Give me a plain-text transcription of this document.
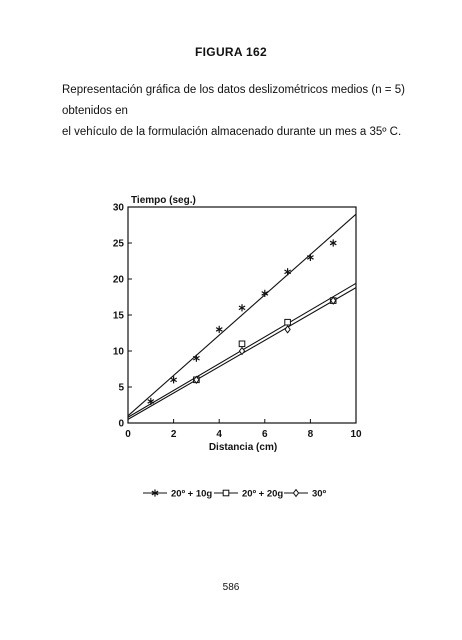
FIGURA 162

Representación gráfica de los datos deslizométricos medios (n = 5) obtenidos en

el vehículo de la formulación almacenado durante un mes a 35º C.

0
5
10
15
20
25
30
0	2	4	6	8	10
Tiempo (seg.)
Distancia (cm)
20º + 10g	20º + 20g	30º
586
